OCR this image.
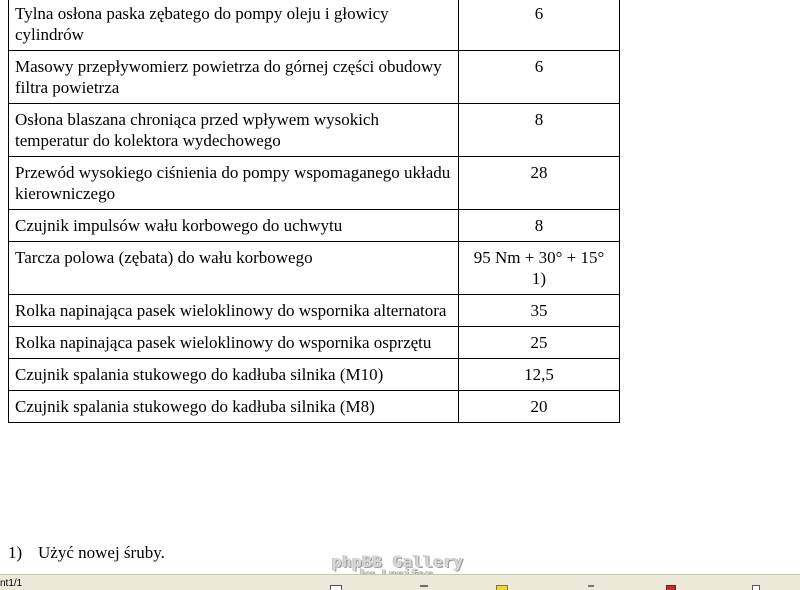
Tylna osłona paska zębatego do pompy oleju i głowicy cylindrów	6
Masowy przepływomierz powietrza do górnej części obudowy filtra powietrza	6
Osłona blaszana chroniąca przed wpływem wysokich temperatur do kolektora wydechowego	8
Przewód wysokiego ciśnienia do pompy wspomaganego układu kierowniczego	28
Czujnik impulsów wału korbowego do uchwytu	8
Tarcza polowa (zębata) do wału korbowego	95 Nm + 30° + 15° 1)
Rolka napinająca pasek wieloklinowy do wspornika alternatora	35
Rolka napinająca pasek wieloklinowy do wspornika osprzętu	25
Czujnik spalania stukowego do kadłuba silnika (M10)	12,5
Czujnik spalania stukowego do kadłuba silnika (M8)	20
1) Użyć nowej śruby.	phpBB Gallery
nt1/1
